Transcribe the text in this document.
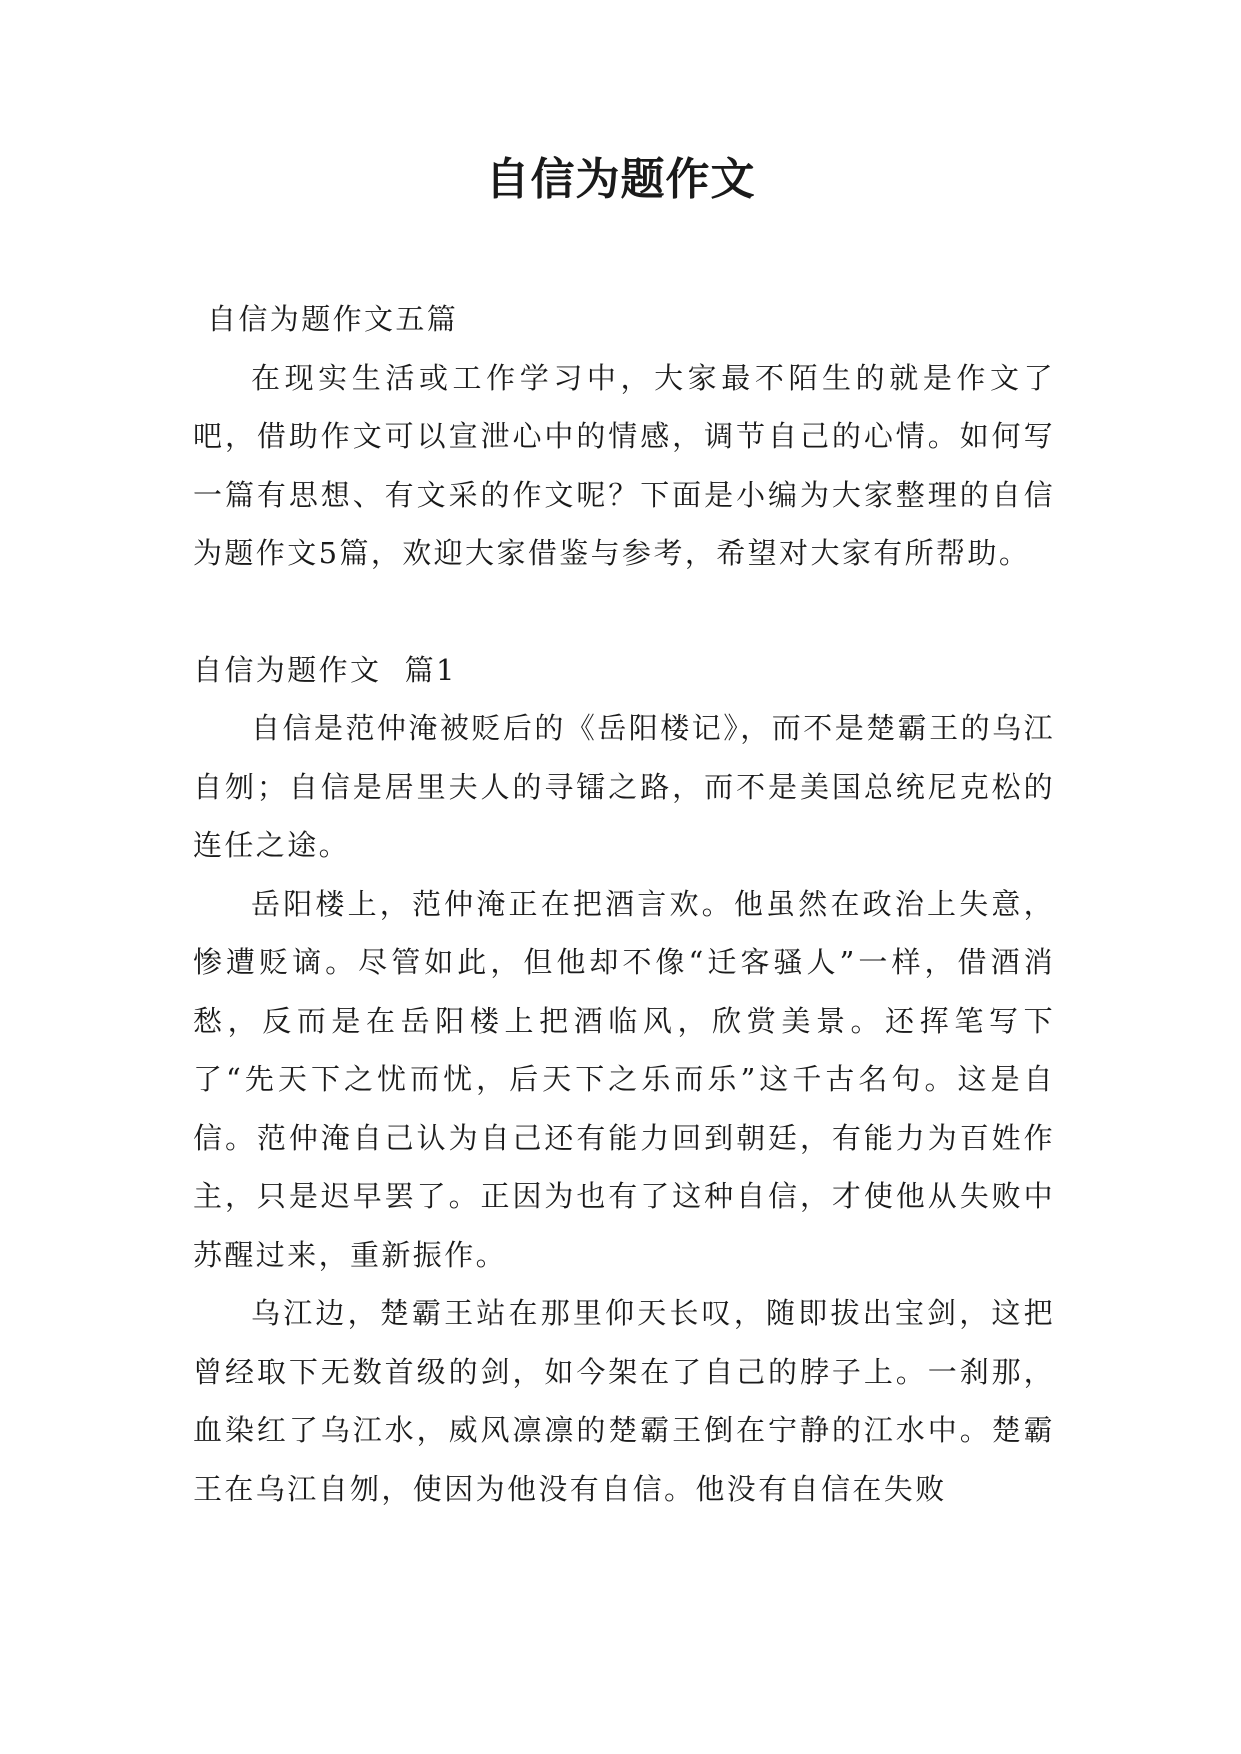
自信为题作文

自信为题作文五篇

在现实生活或工作学习中，大家最不陌生的就是作文了吧，借助作文可以宣泄心中的情感，调节自己的心情。如何写一篇有思想、有文采的作文呢？下面是小编为大家整理的自信为题作文5篇，欢迎大家借鉴与参考，希望对大家有所帮助。

自信为题作文  篇1

自信是范仲淹被贬后的《岳阳楼记》，而不是楚霸王的乌江自刎；自信是居里夫人的寻镭之路，而不是美国总统尼克松的连任之途。

岳阳楼上，范仲淹正在把酒言欢。他虽然在政治上失意，惨遭贬谪。尽管如此，但他却不像“迁客骚人”一样，借酒消愁，反而是在岳阳楼上把酒临风，欣赏美景。还挥笔写下了“先天下之忧而忧，后天下之乐而乐”这千古名句。这是自信。范仲淹自己认为自己还有能力回到朝廷，有能力为百姓作主，只是迟早罢了。正因为也有了这种自信，才使他从失败中苏醒过来，重新振作。

乌江边，楚霸王站在那里仰天长叹，随即拔出宝剑，这把曾经取下无数首级的剑，如今架在了自己的脖子上。一刹那，血染红了乌江水，威风凛凛的楚霸王倒在宁静的江水中。楚霸王在乌江自刎，使因为他没有自信。他没有自信在失败
